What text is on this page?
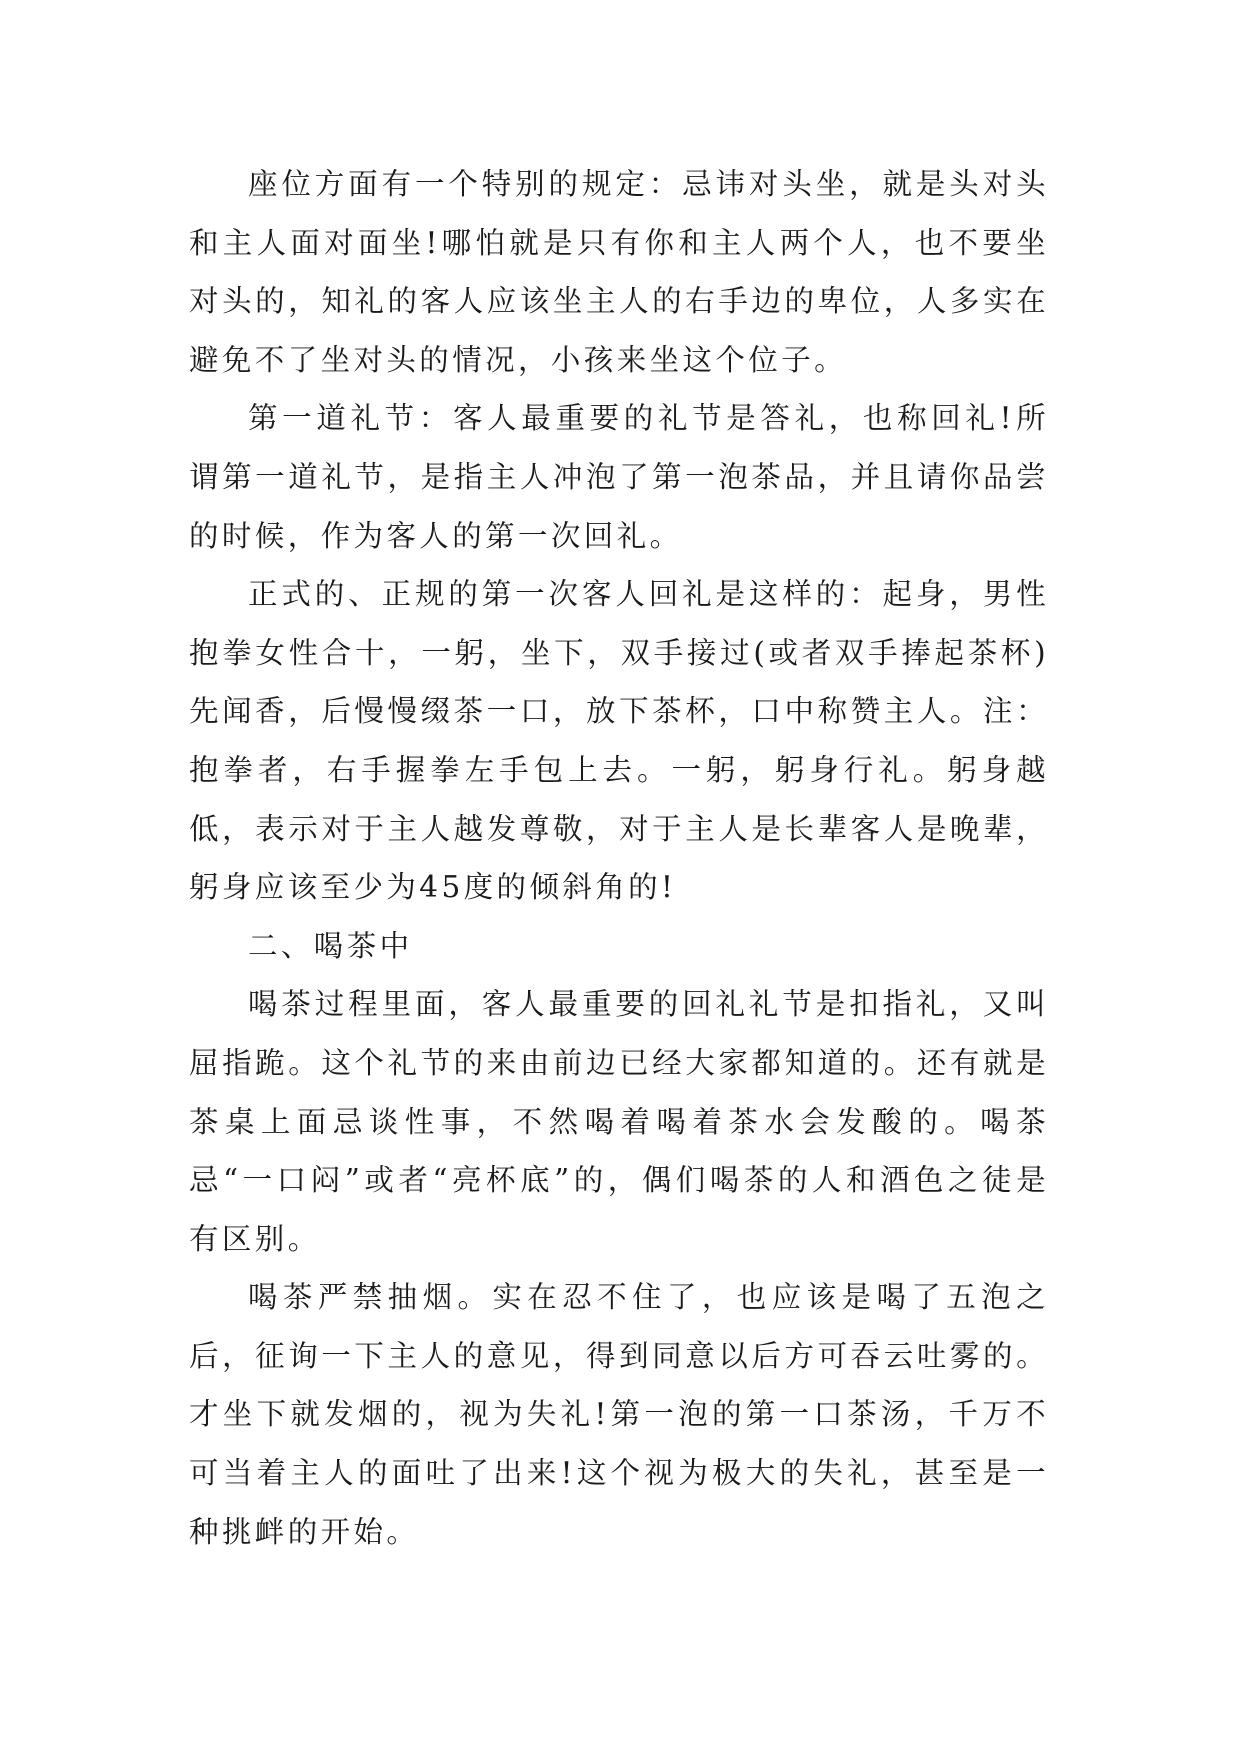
座位方面有一个特别的规定：忌讳对头坐，就是头对头和主人面对面坐!哪怕就是只有你和主人两个人，也不要坐对头的，知礼的客人应该坐主人的右手边的卑位，人多实在避免不了坐对头的情况，小孩来坐这个位子。

第一道礼节：客人最重要的礼节是答礼，也称回礼!所谓第一道礼节，是指主人冲泡了第一泡茶品，并且请你品尝的时候，作为客人的第一次回礼。

正式的、正规的第一次客人回礼是这样的：起身，男性抱拳女性合十，一躬，坐下，双手接过(或者双手捧起茶杯)先闻香，后慢慢缀茶一口，放下茶杯，口中称赞主人。注：抱拳者，右手握拳左手包上去。一躬，躬身行礼。躬身越低，表示对于主人越发尊敬，对于主人是长辈客人是晚辈，躬身应该至少为45度的倾斜角的!

二、喝茶中

喝茶过程里面，客人最重要的回礼礼节是扣指礼，又叫屈指跪。这个礼节的来由前边已经大家都知道的。还有就是茶桌上面忌谈性事，不然喝着喝着茶水会发酸的。喝茶忌“一口闷”或者“亮杯底”的，偶们喝茶的人和酒色之徒是有区别。

喝茶严禁抽烟。实在忍不住了，也应该是喝了五泡之后，征询一下主人的意见，得到同意以后方可吞云吐雾的。才坐下就发烟的，视为失礼!第一泡的第一口茶汤，千万不可当着主人的面吐了出来!这个视为极大的失礼，甚至是一种挑衅的开始。
